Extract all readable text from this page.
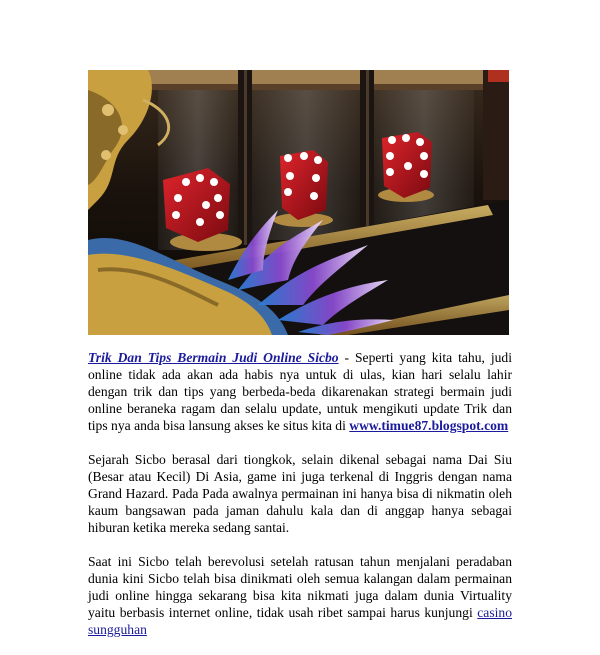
Trik Dan Tips Bermain Judi Online Sicbo - Seperti yang kita tahu, judi online tidak ada akan ada habis nya untuk di ulas, kian hari selalu lahir dengan trik dan tips yang berbeda-beda dikarenakan strategi bermain judi online beraneka ragam dan selalu update, untuk mengikuti update Trik dan tips nya anda bisa lansung akses ke situs kita di www.timue87.blogspot.com

Sejarah Sicbo berasal dari tiongkok, selain dikenal sebagai nama Dai Siu (Besar atau Kecil) Di Asia, game ini juga terkenal di Inggris dengan nama Grand Hazard. Pada Pada awalnya permainan ini hanya bisa di nikmatin oleh kaum bangsawan pada jaman dahulu kala dan di anggap hanya sebagai hiburan ketika mereka sedang santai.

Saat ini Sicbo telah berevolusi setelah ratusan tahun menjalani peradaban dunia kini Sicbo telah bisa dinikmati oleh semua kalangan dalam permainan judi online hingga sekarang bisa kita nikmati juga dalam dunia Virtuality yaitu berbasis internet online, tidak usah ribet sampai harus kunjungi casino sungguhan
